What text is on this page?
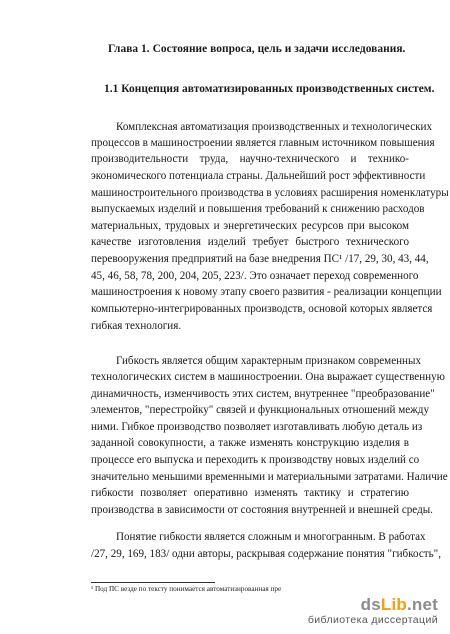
Глава 1. Состояние вопроса, цель и задачи исследования.
1.1 Концепция автоматизированных производственных систем.
Комплексная автоматизация производственных и технологических
процессов в машиностроении является главным источником повышения
производительности труда, научно-технического и технико-
экономического потенциала страны. Дальнейший рост эффективности
машиностроительного производства в условиях расширения номенклатуры
выпускаемых изделий и повышения требований к снижению расходов
материальных, трудовых и энергетических ресурсов при высоком
качестве изготовления изделий требует быстрого технического
перевооружения предприятий на базе внедрения ПС¹ /17, 29, 30, 43, 44,
45, 46, 58, 78, 200, 204, 205, 223/. Это означает переход современного
машиностроения к новому этапу своего развития - реализации концепции
компьютерно-интегрированных производств, основой которых является
гибкая технология.
Гибкость является общим характерным признаком современных
технологических систем в машиностроении. Она выражает существенную
динамичность, изменчивость этих систем, внутреннее "преобразование"
элементов, "перестройку" связей и функциональных отношений между
ними. Гибкое производство позволяет изготавливать любую деталь из
заданной совокупности, а также изменять конструкцию изделия в
процессе его выпуска и переходить к производству новых изделий со
значительно меньшими временными и материальными затратами. Наличие
гибкости позволяет оперативно изменять тактику и стратегию
производства в зависимости от состояния внутренней и внешней среды.
Понятие гибкости является сложным и многогранным. В работах
/27, 29, 169, 183/ одни авторы, раскрывая содержание понятия "гибкость",
¹ Под ПС везде по тексту понимается автоматизированная пре
dsLib.net
библиотека диссертаций
